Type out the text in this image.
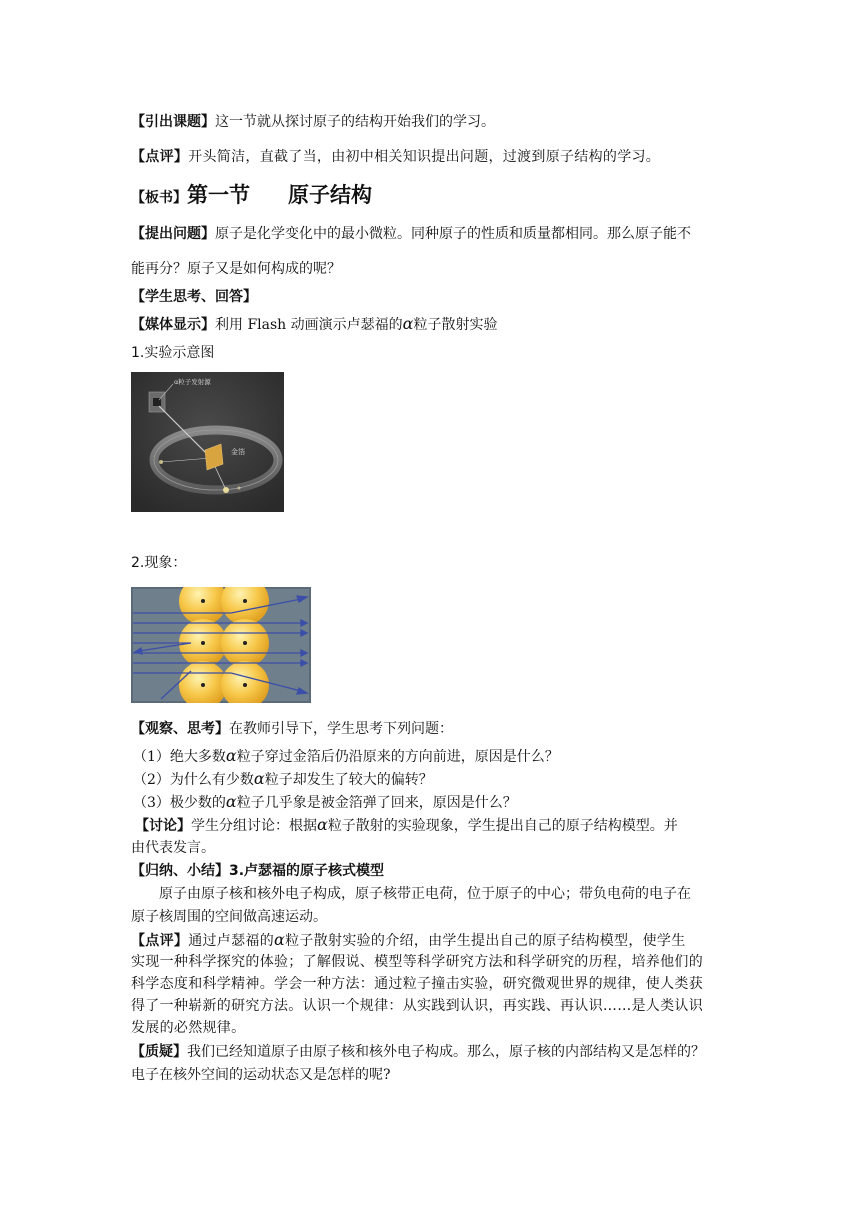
【引出课题】这一节就从探讨原子的结构开始我们的学习。
【点评】开头简洁，直截了当，由初中相关知识提出问题，过渡到原子结构的学习。
【板书】第一节 原子结构
【提出问题】原子是化学变化中的最小微粒。同种原子的性质和质量都相同。那么原子能不
能再分？原子又是如何构成的呢？
【学生思考、回答】
【媒体显示】利用 Flash 动画演示卢瑟福的α粒子散射实验
1.实验示意图
α粒子发射源
金箔
2.现象：
【观察、思考】在教师引导下，学生思考下列问题：
（1）绝大多数α粒子穿过金箔后仍沿原来的方向前进，原因是什么？
（2）为什么有少数α粒子却发生了较大的偏转？
（3）极少数的α粒子几乎象是被金箔弹了回来，原因是什么？
【讨论】学生分组讨论：根据α粒子散射的实验现象，学生提出自己的原子结构模型。并
由代表发言。
【归纳、小结】3.卢瑟福的原子核式模型
原子由原子核和核外电子构成，原子核带正电荷，位于原子的中心；带负电荷的电子在
原子核周围的空间做高速运动。
【点评】通过卢瑟福的α粒子散射实验的介绍，由学生提出自己的原子结构模型，使学生
实现一种科学探究的体验；了解假说、模型等科学研究方法和科学研究的历程，培养他们的
科学态度和科学精神。学会一种方法：通过粒子撞击实验，研究微观世界的规律，使人类获
得了一种崭新的研究方法。认识一个规律：从实践到认识，再实践、再认识……是人类认识
发展的必然规律。
【质疑】我们已经知道原子由原子核和核外电子构成。那么，原子核的内部结构又是怎样的？
电子在核外空间的运动状态又是怎样的呢?
